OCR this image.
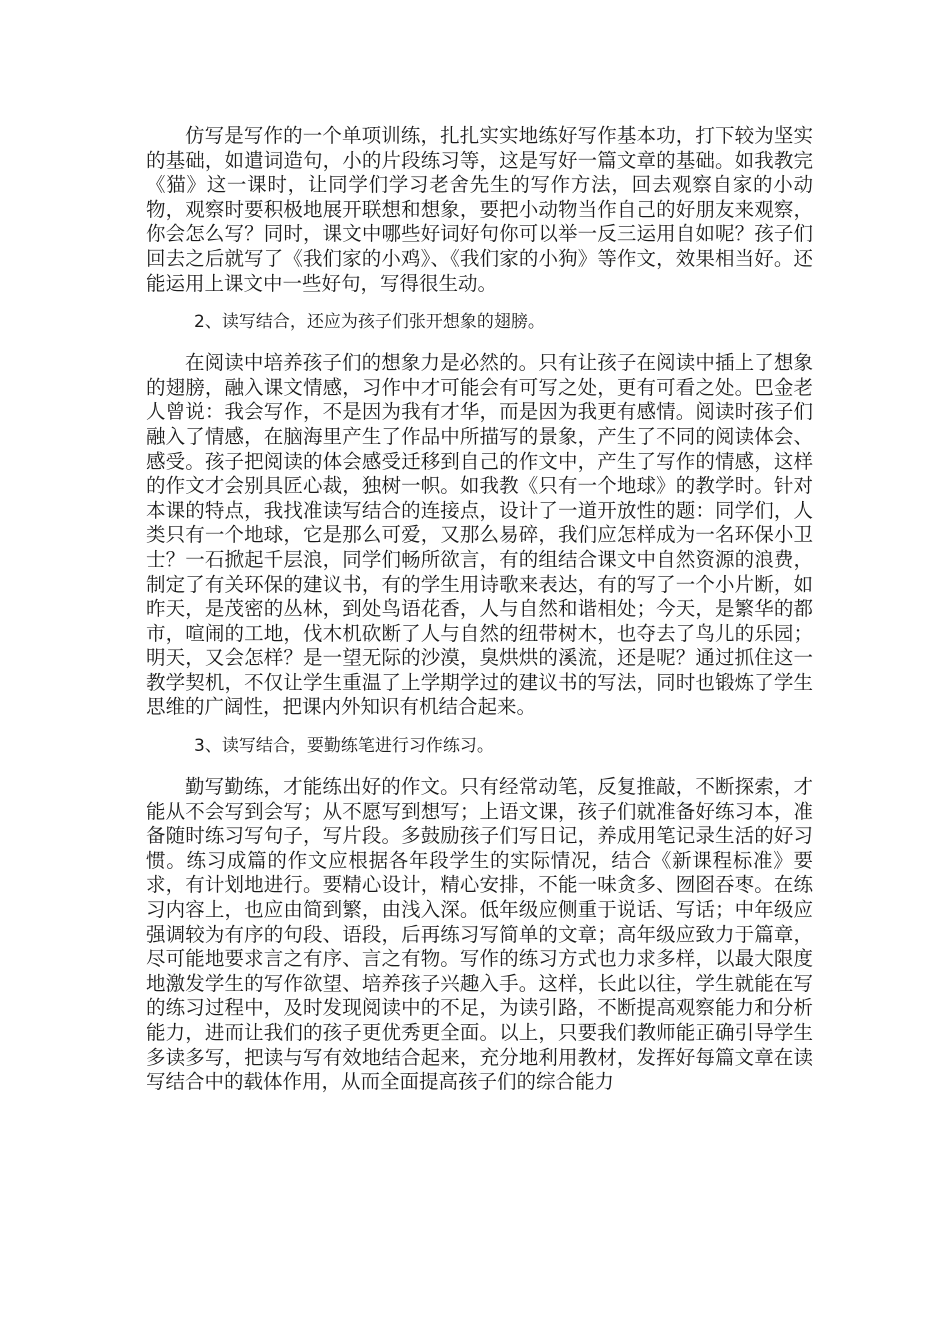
仿写是写作的一个单项训练，扎扎实实地练好写作基本功，打下较为坚实的基础，如遣词造句，小的片段练习等，这是写好一篇文章的基础。如我教完《猫》这一课时，让同学们学习老舍先生的写作方法，回去观察自家的小动物，观察时要积极地展开联想和想象，要把小动物当作自己的好朋友来观察，你会怎么写？同时，课文中哪些好词好句你可以举一反三运用自如呢？孩子们回去之后就写了《我们家的小鸡》、《我们家的小狗》等作文，效果相当好。还能运用上课文中一些好句，写得很生动。

2、读写结合，还应为孩子们张开想象的翅膀。

在阅读中培养孩子们的想象力是必然的。只有让孩子在阅读中插上了想象的翅膀，融入课文情感，习作中才可能会有可写之处，更有可看之处。巴金老人曾说：我会写作，不是因为我有才华，而是因为我更有感情。阅读时孩子们融入了情感，在脑海里产生了作品中所描写的景象，产生了不同的阅读体会、感受。孩子把阅读的体会感受迁移到自己的作文中，产生了写作的情感，这样的作文才会别具匠心裁，独树一帜。如我教《只有一个地球》的教学时。针对本课的特点，我找准读写结合的连接点，设计了一道开放性的题：同学们，人类只有一个地球，它是那么可爱，又那么易碎，我们应怎样成为一名环保小卫士？一石掀起千层浪，同学们畅所欲言，有的组结合课文中自然资源的浪费，制定了有关环保的建议书，有的学生用诗歌来表达，有的写了一个小片断，如昨天，是茂密的丛林，到处鸟语花香，人与自然和谐相处；今天，是繁华的都市，喧闹的工地，伐木机砍断了人与自然的纽带树木，也夺去了鸟儿的乐园；明天，又会怎样？是一望无际的沙漠，臭烘烘的溪流，还是呢？通过抓住这一教学契机，不仅让学生重温了上学期学过的建议书的写法，同时也锻炼了学生思维的广阔性，把课内外知识有机结合起来。

3、读写结合，要勤练笔进行习作练习。

勤写勤练，才能练出好的作文。只有经常动笔，反复推敲，不断探索，才能从不会写到会写；从不愿写到想写；上语文课，孩子们就准备好练习本，准备随时练习写句子，写片段。多鼓励孩子们写日记，养成用笔记录生活的好习惯。练习成篇的作文应根据各年段学生的实际情况，结合《新课程标准》要求，有计划地进行。要精心设计，精心安排，不能一味贪多、囫囵吞枣。在练习内容上，也应由简到繁，由浅入深。低年级应侧重于说话、写话；中年级应强调较为有序的句段、语段，后再练习写简单的文章；高年级应致力于篇章，尽可能地要求言之有序、言之有物。写作的练习方式也力求多样，以最大限度地激发学生的写作欲望、培养孩子兴趣入手。这样，长此以往，学生就能在写的练习过程中，及时发现阅读中的不足，为读引路，不断提高观察能力和分析能力，进而让我们的孩子更优秀更全面。以上，只要我们教师能正确引导学生多读多写，把读与写有效地结合起来，充分地利用教材，发挥好每篇文章在读写结合中的载体作用，从而全面提高孩子们的综合能力
